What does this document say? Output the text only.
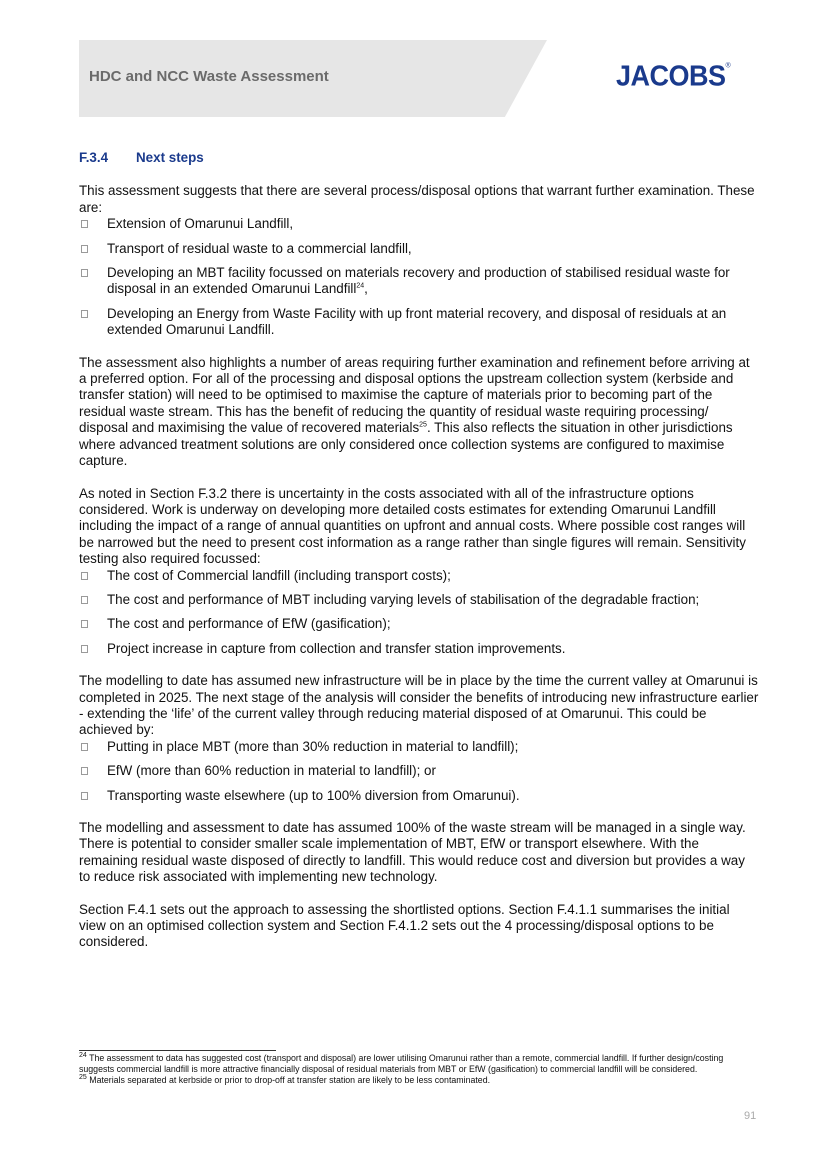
HDC and NCC Waste Assessment	JACOBS®
F.3.4 Next steps

This assessment suggests that there are several process/disposal options that warrant further examination. These are:

Extension of Omarunui Landfill,
Transport of residual waste to a commercial landfill,
Developing an MBT facility focussed on materials recovery and production of stabilised residual waste for disposal in an extended Omarunui Landfill$^{24}$,
Developing an Energy from Waste Facility with up front material recovery, and disposal of residuals at an extended Omarunui Landfill.

The assessment also highlights a number of areas requiring further examination and refinement before arriving at a preferred option. For all of the processing and disposal options the upstream collection system (kerbside and transfer station) will need to be optimised to maximise the capture of materials prior to becoming part of the residual waste stream. This has the benefit of reducing the quantity of residual waste requiring processing/ disposal and maximising the value of recovered materials$^{25}$. This also reflects the situation in other jurisdictions where advanced treatment solutions are only considered once collection systems are configured to maximise capture.

As noted in Section F.3.2 there is uncertainty in the costs associated with all of the infrastructure options considered. Work is underway on developing more detailed costs estimates for extending Omarunui Landfill including the impact of a range of annual quantities on upfront and annual costs. Where possible cost ranges will be narrowed but the need to present cost information as a range rather than single figures will remain. Sensitivity testing also required focussed:

The cost of Commercial landfill (including transport costs);
The cost and performance of MBT including varying levels of stabilisation of the degradable fraction;
The cost and performance of EfW (gasification);
Project increase in capture from collection and transfer station improvements.

The modelling to date has assumed new infrastructure will be in place by the time the current valley at Omarunui is completed in 2025. The next stage of the analysis will consider the benefits of introducing new infrastructure earlier - extending the ‘life’ of the current valley through reducing material disposed of at Omarunui. This could be achieved by:

Putting in place MBT (more than 30% reduction in material to landfill);
EfW (more than 60% reduction in material to landfill); or
Transporting waste elsewhere (up to 100% diversion from Omarunui).

The modelling and assessment to date has assumed 100% of the waste stream will be managed in a single way. There is potential to consider smaller scale implementation of MBT, EfW or transport elsewhere. With the remaining residual waste disposed of directly to landfill. This would reduce cost and diversion but provides a way to reduce risk associated with implementing new technology.

Section F.4.1 sets out the approach to assessing the shortlisted options. Section F.4.1.1 summarises the initial view on an optimised collection system and Section F.4.1.2 sets out the 4 processing/disposal options to be considered.

$^{24}$ The assessment to data has suggested cost (transport and disposal) are lower utilising Omarunui rather than a remote, commercial landfill. If further design/costing suggests commercial landfill is more attractive financially disposal of residual materials from MBT or EfW (gasification) to commercial landfill will be considered.
$^{25}$ Materials separated at kerbside or prior to drop-off at transfer station are likely to be less contaminated.
91
